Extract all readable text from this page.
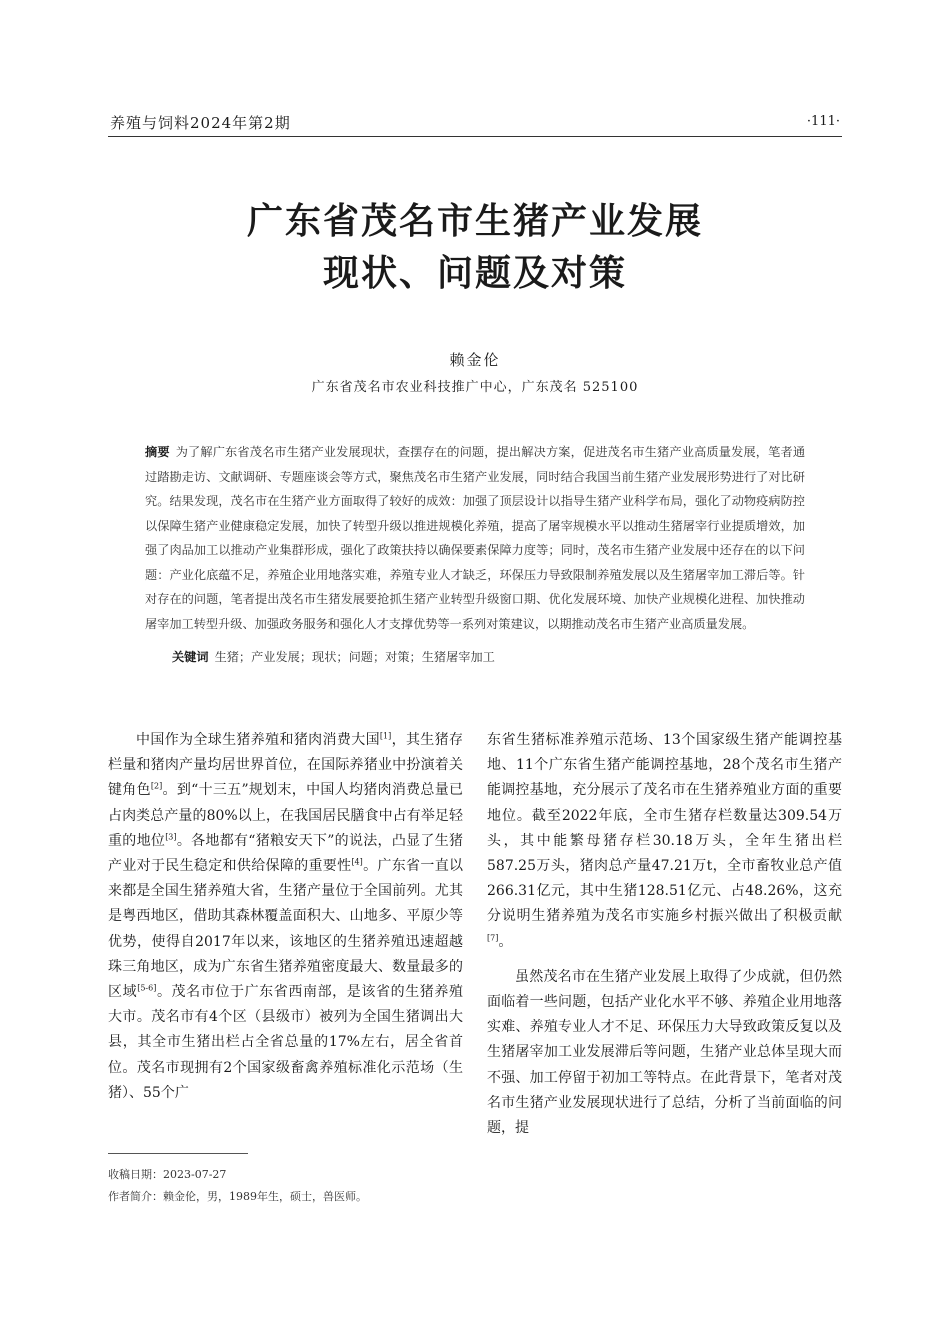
养殖与饲料2024年第2期	·111·
广东省茂名市生猪产业发展
现状、问题及对策
赖金伦
广东省茂名市农业科技推广中心，广东茂名 525100
摘要 为了解广东省茂名市生猪产业发展现状，查摆存在的问题，提出解决方案，促进茂名市生猪产业高质量发展，笔者通过踏勘走访、文献调研、专题座谈会等方式，聚焦茂名市生猪产业发展，同时结合我国当前生猪产业发展形势进行了对比研究。结果发现，茂名市在生猪产业方面取得了较好的成效：加强了顶层设计以指导生猪产业科学布局，强化了动物疫病防控以保障生猪产业健康稳定发展，加快了转型升级以推进规模化养殖，提高了屠宰规模水平以推动生猪屠宰行业提质增效，加强了肉品加工以推动产业集群形成，强化了政策扶持以确保要素保障力度等；同时，茂名市生猪产业发展中还存在的以下问题：产业化底蕴不足，养殖企业用地落实难，养殖专业人才缺乏，环保压力导致限制养殖发展以及生猪屠宰加工滞后等。针对存在的问题，笔者提出茂名市生猪发展要抢抓生猪产业转型升级窗口期、优化发展环境、加快产业规模化进程、加快推动屠宰加工转型升级、加强政务服务和强化人才支撑优势等一系列对策建议，以期推动茂名市生猪产业高质量发展。
关键词 生猪；产业发展；现状；问题；对策；生猪屠宰加工

中国作为全球生猪养殖和猪肉消费大国[1]，其生猪存栏量和猪肉产量均居世界首位，在国际养猪业中扮演着关键角色[2]。到“十三五”规划末，中国人均猪肉消费总量已占肉类总产量的80%以上，在我国居民膳食中占有举足轻重的地位[3]。各地都有“猪粮安天下”的说法，凸显了生猪产业对于民生稳定和供给保障的重要性[4]。广东省一直以来都是全国生猪养殖大省，生猪产量位于全国前列。尤其是粤西地区，借助其森林覆盖面积大、山地多、平原少等优势，使得自2017年以来，该地区的生猪养殖迅速超越珠三角地区，成为广东省生猪养殖密度最大、数量最多的区域[5-6]。茂名市位于广东省西南部，是该省的生猪养殖大市。茂名市有4个区（县级市）被列为全国生猪调出大县，其全市生猪出栏占全省总量的17%左右，居全省首位。茂名市现拥有2个国家级畜禽养殖标准化示范场（生猪）、55个广

东省生猪标准养殖示范场、13个国家级生猪产能调控基地、11个广东省生猪产能调控基地，28个茂名市生猪产能调控基地，充分展示了茂名市在生猪养殖业方面的重要地位。截至2022年底，全市生猪存栏数量达309.54万头，其中能繁母猪存栏30.18万头，全年生猪出栏587.25万头，猪肉总产量47.21万t，全市畜牧业总产值266.31亿元，其中生猪128.51亿元、占48.26%，这充分说明生猪养殖为茂名市实施乡村振兴做出了积极贡献[7]。

虽然茂名市在生猪产业发展上取得了少成就，但仍然面临着一些问题，包括产业化水平不够、养殖企业用地落实难、养殖专业人才不足、环保压力大导致政策反复以及生猪屠宰加工业发展滞后等问题，生猪产业总体呈现大而不强、加工停留于初加工等特点。在此背景下，笔者对茂名市生猪产业发展现状进行了总结，分析了当前面临的问题，提

收稿日期：2023-07-27
作者简介：赖金伦，男，1989年生，硕士，兽医师。
